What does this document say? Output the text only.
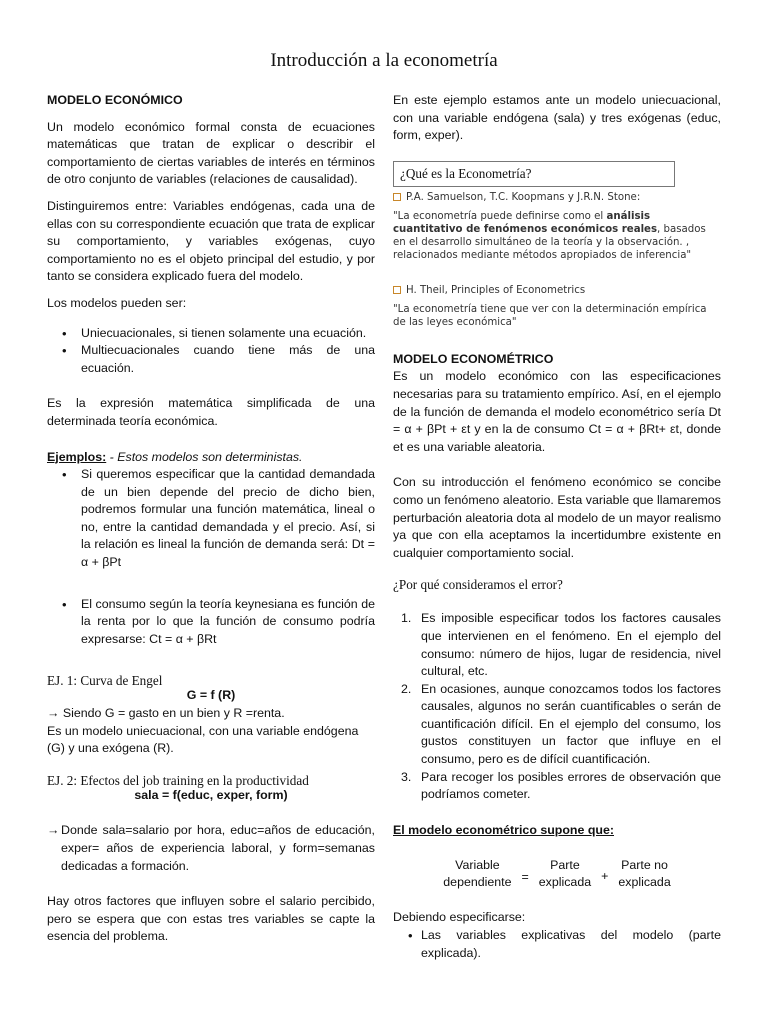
Introducción a la econometría
MODELO ECONÓMICO

Un modelo económico formal consta de ecuaciones matemáticas que tratan de explicar o describir el comportamiento de ciertas variables de interés en términos de otro conjunto de variables (relaciones de causalidad).

Distinguiremos entre: Variables endógenas, cada una de ellas con su correspondiente ecuación que trata de explicar su comportamiento, y variables exógenas, cuyo comportamiento no es el objeto principal del estudio, y por tanto se considera explicado fuera del modelo.

Los modelos pueden ser:

• Uniecuacionales, si tienen solamente una ecuación.
• Multiecuacionales cuando tiene más de una ecuación.

Es la expresión matemática simplificada de una determinada teoría económica.

Ejemplos: - Estos modelos son deterministas.
• Si queremos especificar que la cantidad demandada de un bien depende del precio de dicho bien, podremos formular una función matemática, lineal o no, entre la cantidad demandada y el precio. Así, si la relación es lineal la función de demanda será: Dt = α + βPt
• El consumo según la teoría keynesiana es función de la renta por lo que la función de consumo podría expresarse: Ct = α + βRt
EJ. 1: Curva de Engel
G = f (R)
→ Siendo G = gasto en un bien y R =renta.

Es un modelo uniecuacional, con una variable endógena (G) y una exógena (R).

EJ. 2: Efectos del job training en la productividad
sala = f(educ, exper, form)
→ Donde sala=salario por hora, educ=años de educación, exper= años de experiencia laboral, y form=semanas dedicadas a formación.

Hay otros factores que influyen sobre el salario percibido, pero se espera que con estas tres variables se capte la esencia del problema.

En este ejemplo estamos ante un modelo uniecuacional, con una variable endógena (sala) y tres exógenas (educ, form, exper).

¿Qué es la Econometría?
P.A. Samuelson, T.C. Koopmans y J.R.N. Stone:
"La econometría puede definirse como el análisis cuantitativo de fenómenos económicos reales, basados en el desarrollo simultáneo de la teoría y la observación. , relacionados mediante métodos apropiados de inferencia"
H. Theil, Principles of Econometrics
"La econometría tiene que ver con la determinación empírica de las leyes económica"
MODELO ECONOMÉTRICO

Es un modelo económico con las especificaciones necesarias para su tratamiento empírico. Así, en el ejemplo de la función de demanda el modelo econométrico sería Dt = α + βPt + εt y en la de consumo Ct = α + βRt+ εt, donde et es una variable aleatoria.

Con su introducción el fenómeno económico se concibe como un fenómeno aleatorio. Esta variable que llamaremos perturbación aleatoria dota al modelo de un mayor realismo ya que con ella aceptamos la incertidumbre existente en cualquier comportamiento social.

¿Por qué consideramos el error?
1. Es imposible especificar todos los factores causales que intervienen en el fenómeno. En el ejemplo del consumo: número de hijos, lugar de residencia, nivel cultural, etc.
2. En ocasiones, aunque conozcamos todos los factores causales, algunos no serán cuantificables o serán de cuantificación difícil. En el ejemplo del consumo, los gustos constituyen un factor que influye en el consumo, pero es de difícil cuantificación.
3. Para recoger los posibles errores de observación que podríamos cometer.
El modelo econométrico supone que:
Variable
dependiente =
Parte
explicada +
Parte no
explicada
Debiendo especificarse:
• Las variables explicativas del modelo (parte explicada).
